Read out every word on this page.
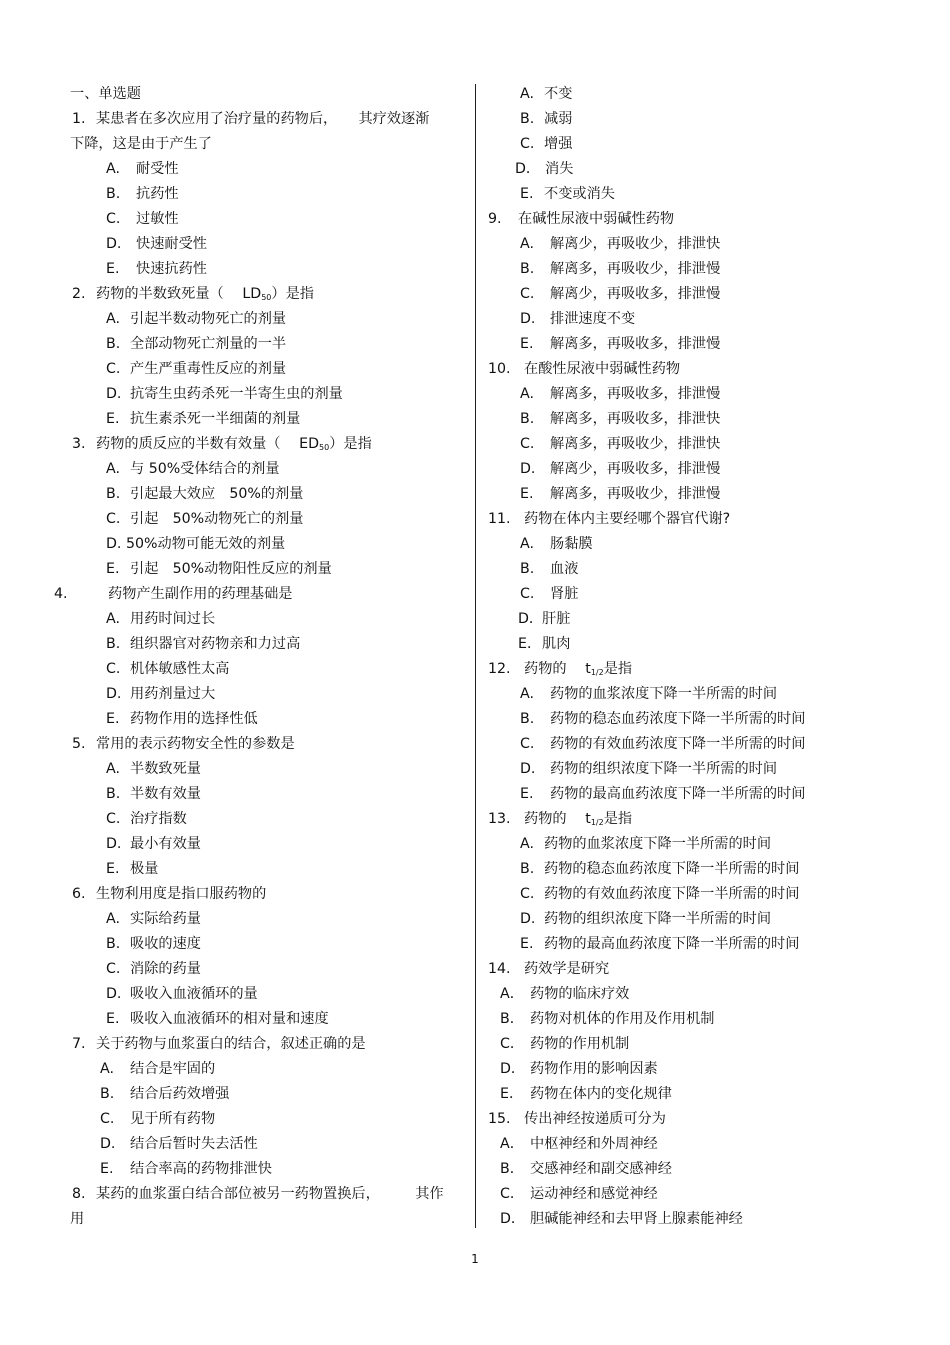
一、单选题
1. 某患者在多次应用了治疗量的药物后，　　其疗效逐渐
下降，这是由于产生了
A. 耐受性
B. 抗药性
C. 过敏性
D. 快速耐受性
E. 快速抗药性
2. 药物的半数致死量（　 $LD_{50}$）是指
A. 引起半数动物死亡的剂量
B. 全部动物死亡剂量的一半
C. 产生严重毒性反应的剂量
D. 抗寄生虫药杀死一半寄生虫的剂量
E. 抗生素杀死一半细菌的剂量
3. 药物的质反应的半数有效量（　 $ED_{50}$）是指
A. 与 50%受体结合的剂量
B. 引起最大效应　50%的剂量
C. 引起　50%动物死亡的剂量
D. 50%动物可能无效的剂量
E. 引起　50%动物阳性反应的剂量
4.	药物产生副作用的药理基础是
A. 用药时间过长
B. 组织器官对药物亲和力过高
C. 机体敏感性太高
D. 用药剂量过大
E. 药物作用的选择性低
5. 常用的表示药物安全性的参数是
A. 半数致死量
B. 半数有效量
C. 治疗指数
D. 最小有效量
E. 极量
6. 生物利用度是指口服药物的
A. 实际给药量
B. 吸收的速度
C. 消除的药量
D. 吸收入血液循环的量
E. 吸收入血液循环的相对量和速度
7. 关于药物与血浆蛋白的结合，叙述正确的是
A. 结合是牢固的
B. 结合后药效增强
C. 见于所有药物
D. 结合后暂时失去活性
E. 结合率高的药物排泄快
8. 某药的血浆蛋白结合部位被另一药物置换后，　　　其作
用
A. 不变
B. 减弱
C. 增强
D． 消失
E. 不变或消失
9. 在碱性尿液中弱碱性药物
A. 解离少，再吸收少，排泄快
B. 解离多，再吸收少，排泄慢
C. 解离少，再吸收多，排泄慢
D. 排泄速度不变
E. 解离多，再吸收多，排泄慢
10. 在酸性尿液中弱碱性药物
A. 解离多，再吸收多，排泄慢
B. 解离多，再吸收多，排泄快
C. 解离多，再吸收少，排泄快
D. 解离少，再吸收多，排泄慢
E. 解离多，再吸收少，排泄慢
11. 药物在体内主要经哪个器官代谢?
A. 肠黏膜
B. 血液
C. 肾脏
D．肝脏
E．肌肉
12. 药物的　 $t_{1/2}$是指
A. 药物的血浆浓度下降一半所需的时间
B. 药物的稳态血药浓度下降一半所需的时间
C. 药物的有效血药浓度下降一半所需的时间
D. 药物的组织浓度下降一半所需的时间
E. 药物的最高血药浓度下降一半所需的时间
13. 药物的　 $t_{1/2}$是指
A. 药物的血浆浓度下降一半所需的时间
B. 药物的稳态血药浓度下降一半所需的时间
C. 药物的有效血药浓度下降一半所需的时间
D. 药物的组织浓度下降一半所需的时间
E. 药物的最高血药浓度下降一半所需的时间
14. 药效学是研究
A． 药物的临床疗效
B． 药物对机体的作用及作用机制
C． 药物的作用机制
D． 药物作用的影响因素
E． 药物在体内的变化规律
15. 传出神经按递质可分为
A． 中枢神经和外周神经
B． 交感神经和副交感神经
C． 运动神经和感觉神经
D． 胆碱能神经和去甲肾上腺素能神经
1
